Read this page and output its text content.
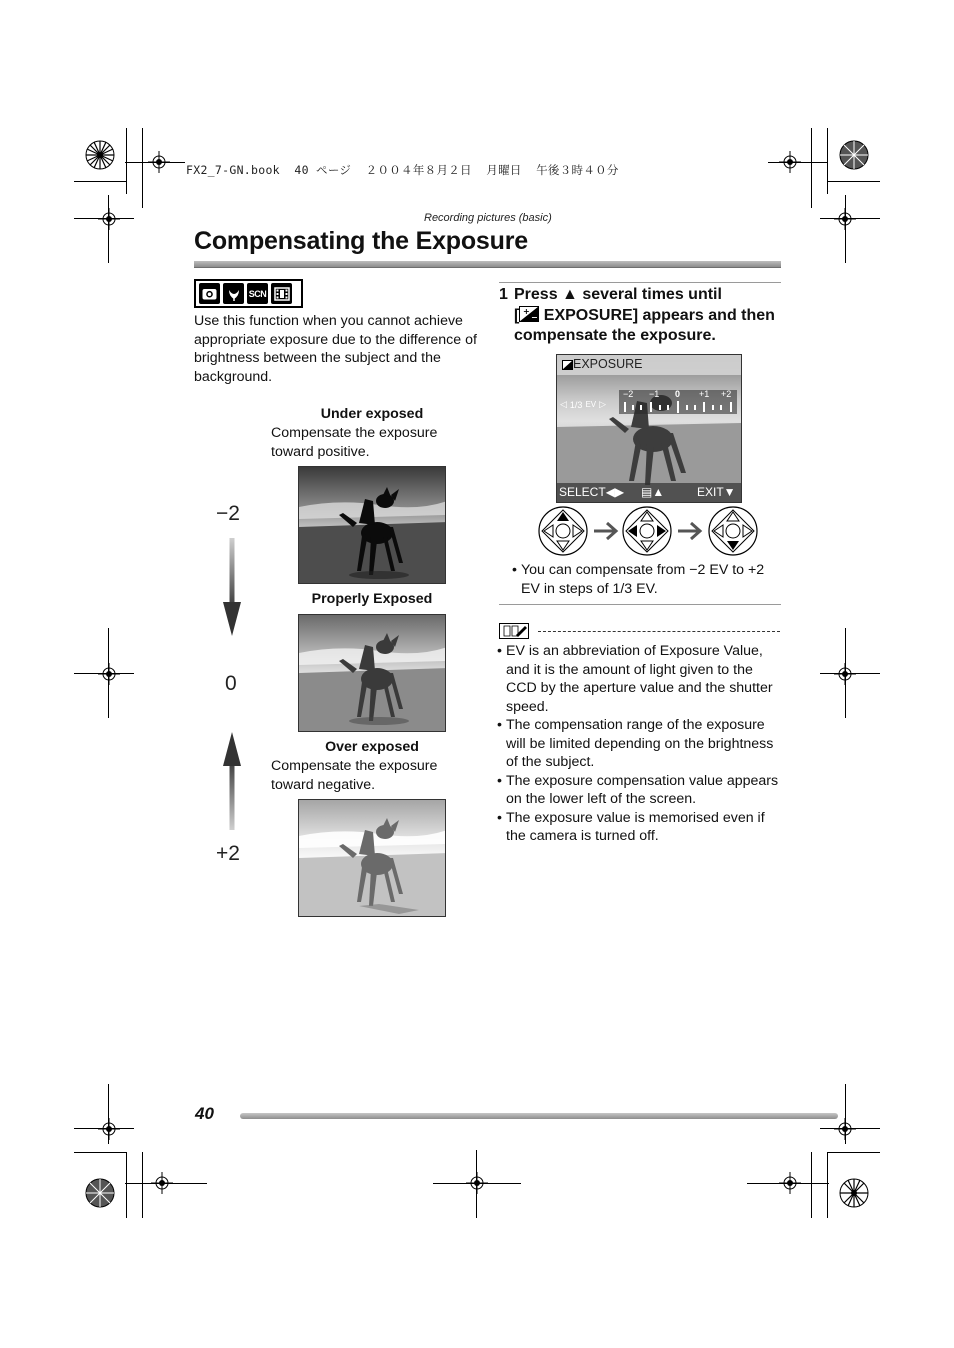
FX2_7-GN.book  40 ページ  ２００４年８月２日  月曜日  午後３時４０分
Recording pictures (basic)
Compensating the Exposure
SCN
Use this function when you cannot achieve appropriate exposure due to the difference of brightness between the subject and the background.
Under exposed
Compensate the exposure toward positive.
Properly Exposed
Over exposed
Compensate the exposure toward negative.
−2
0
+2
1 Press ▲ several times until
[ +
− EXPOSURE] appears and then compensate the exposure.
EXPOSURE
−2 −1 0 +1 +2
◁ 1/3 EV ▷
SELECT◀▶ ▤▲	EXIT▼
• You can compensate from −2 EV to +2 EV in steps of 1/3 EV.
• EV is an abbreviation of Exposure Value, and it is the amount of light given to the CCD by the aperture value and the shutter speed.
• The compensation range of the exposure will be limited depending on the brightness of the subject.
• The exposure compensation value appears on the lower left of the screen.
• The exposure value is memorised even if the camera is turned off.
40
